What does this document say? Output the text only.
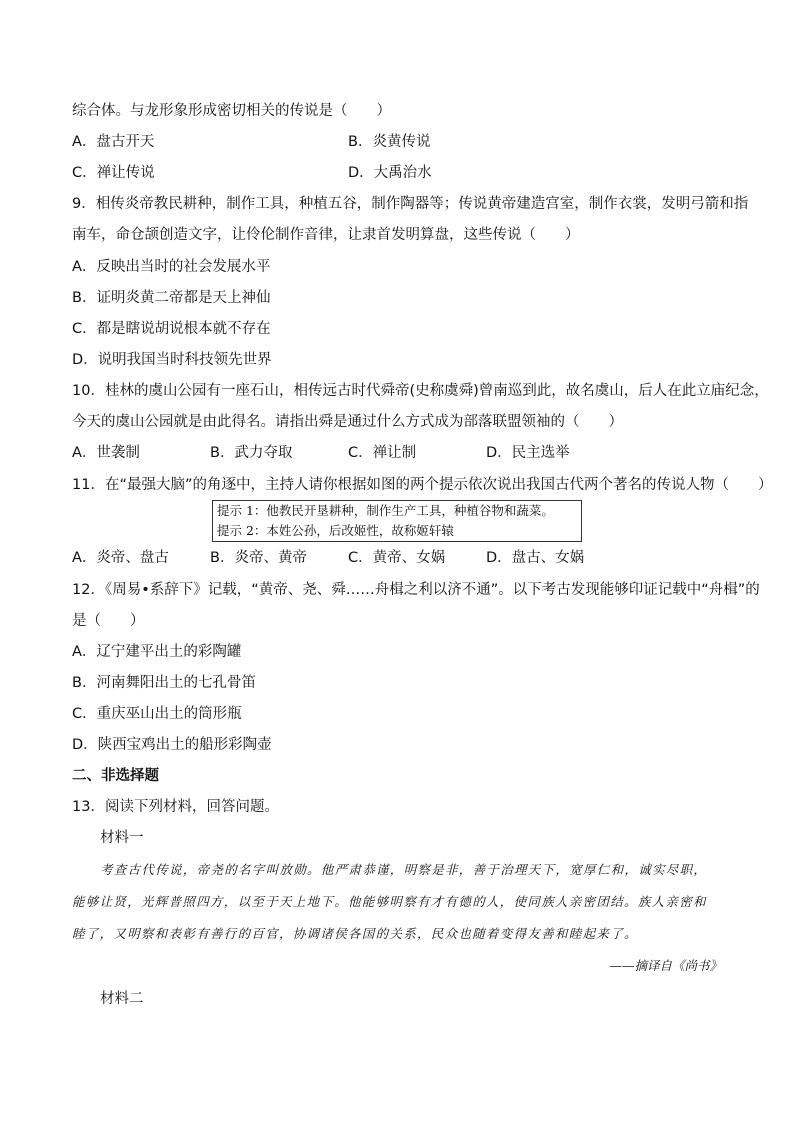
综合体。与龙形象形成密切相关的传说是（　　）
A．盘古开天	B．炎黄传说
C．禅让传说	D．大禹治水
9．相传炎帝教民耕种，制作工具，种植五谷，制作陶器等；传说黄帝建造宫室，制作衣裳，发明弓箭和指
南车，命仓颉创造文字，让伶伦制作音律，让隶首发明算盘，这些传说（　　）
A．反映出当时的社会发展水平
B．证明炎黄二帝都是天上神仙
C．都是瞎说胡说根本就不存在
D．说明我国当时科技领先世界
10．桂林的虞山公园有一座石山，相传远古时代舜帝(史称虞舜)曾南巡到此，故名虞山，后人在此立庙纪念，
今天的虞山公园就是由此得名。请指出舜是通过什么方式成为部落联盟领袖的（　　）
A．世袭制	B．武力夺取	C．禅让制	D．民主选举
11．在“最强大脑”的角逐中，主持人请你根据如图的两个提示依次说出我国古代两个著名的传说人物（　　）
提示 1：他教民开垦耕种，制作生产工具，种植谷物和蔬菜。
提示 2：本姓公孙，后改姬性，故称姬轩辕
A．炎帝、盘古	B．炎帝、黄帝	C．黄帝、女娲	D．盘古、女娲
12．《周易•系辞下》记载，“黄帝、尧、舜……舟楫之利以济不通”。以下考古发现能够印证记载中“舟楫”的
是（　　）
A．辽宁建平出土的彩陶罐
B．河南舞阳出土的七孔骨笛
C．重庆巫山出土的筒形瓶
D．陕西宝鸡出土的船形彩陶壶
二、非选择题
13．阅读下列材料，回答问题。
材料一
考查古代传说，帝尧的名字叫放勋。他严肃恭谨，明察是非，善于治理天下，宽厚仁和，诚实尽职，
能够让贤，光辉普照四方，以至于天上地下。他能够明察有才有德的人，使同族人亲密团结。族人亲密和
睦了，又明察和表彰有善行的百官，协调诸侯各国的关系，民众也随着变得友善和睦起来了。
——摘译自《尚书》
材料二
